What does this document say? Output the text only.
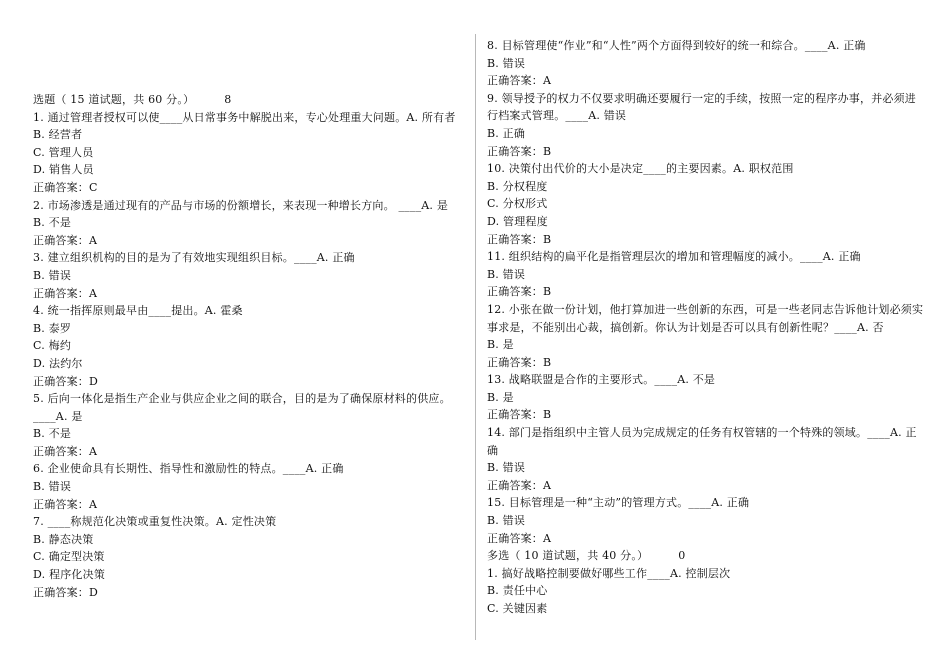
选题（ 15 道试题，共 60 分。）	8
1. 通过管理者授权可以使____从日常事务中解脱出来，专心处理重大问题。A. 所有者
B. 经营者
C. 管理人员
D. 销售人员
正确答案：C
2. 市场渗透是通过现有的产品与市场的份额增长，来表现一种增长方向。 ____A. 是
B. 不是
正确答案：A
3. 建立组织机构的目的是为了有效地实现组织目标。____A. 正确
B. 错误
正确答案：A
4. 统一指挥原则最早由____提出。A. 霍桑
B. 泰罗
C. 梅约
D. 法约尔
正确答案：D
5. 后向一体化是指生产企业与供应企业之间的联合，目的是为了确保原材料的供应。
____A. 是
B. 不是
正确答案：A
6. 企业使命具有长期性、指导性和激励性的特点。____A. 正确
B. 错误
正确答案：A
7. ____称规范化决策或重复性决策。A. 定性决策
B. 静态决策
C. 确定型决策
D. 程序化决策
正确答案：D
8. 目标管理使“作业”和“人性”两个方面得到较好的统一和综合。____A. 正确
B. 错误
正确答案：A
9. 领导授予的权力不仅要求明确还要履行一定的手续，按照一定的程序办事，并必须进行档案式管理。____A. 错误
B. 正确
正确答案：B
10. 决策付出代价的大小是决定____的主要因素。A. 职权范围
B. 分权程度
C. 分权形式
D. 管理程度
正确答案：B
11. 组织结构的扁平化是指管理层次的增加和管理幅度的减小。____A. 正确
B. 错误
正确答案：B
12. 小张在做一份计划，他打算加进一些创新的东西，可是一些老同志告诉他计划必须实事求是，不能别出心裁，搞创新。你认为计划是否可以具有创新性呢？____A. 否
B. 是
正确答案：B
13. 战略联盟是合作的主要形式。____A. 不是
B. 是
正确答案：B
14. 部门是指组织中主管人员为完成规定的任务有权管辖的一个特殊的领域。____A. 正确
B. 错误
正确答案：A
15. 目标管理是一种“主动”的管理方式。____A. 正确
B. 错误
正确答案：A
多选（ 10 道试题，共 40 分。）	0
1. 搞好战略控制要做好哪些工作____A. 控制层次
B. 责任中心
C. 关键因素
